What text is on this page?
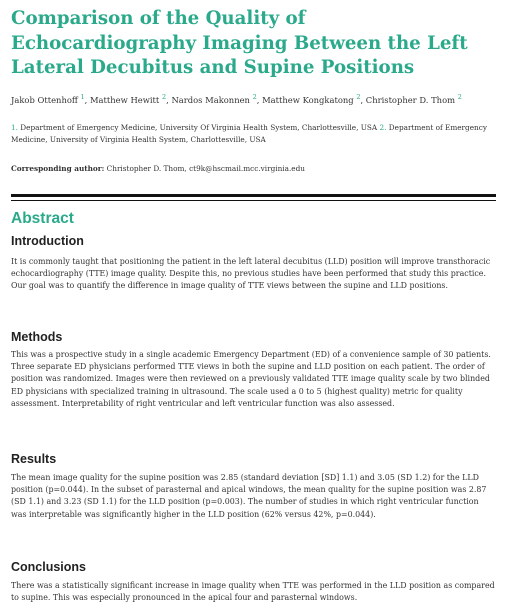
Comparison of the Quality of Echocardiography Imaging Between the Left Lateral Decubitus and Supine Positions
Jakob Ottenhoff $^1$, Matthew Hewitt $^2$, Nardos Makonnen $^2$, Matthew Kongkatong $^2$, Christopher D. Thom $^2$
1. Department of Emergency Medicine, University Of Virginia Health System, Charlottesville, USA 2. Department of Emergency Medicine, University of Virginia Health System, Charlottesville, USA
Corresponding author: Christopher D. Thom, ct9k@hscmail.mcc.virginia.edu
Abstract
Introduction

It is commonly taught that positioning the patient in the left lateral decubitus (LLD) position will improve transthoracic echocardiography (TTE) image quality. Despite this, no previous studies have been performed that study this practice. Our goal was to quantify the difference in image quality of TTE views between the supine and LLD positions.

Methods

This was a prospective study in a single academic Emergency Department (ED) of a convenience sample of 30 patients. Three separate ED physicians performed TTE views in both the supine and LLD position on each patient. The order of position was randomized. Images were then reviewed on a previously validated TTE image quality scale by two blinded ED physicians with specialized training in ultrasound. The scale used a 0 to 5 (highest quality) metric for quality assessment. Interpretability of right ventricular and left ventricular function was also assessed.

Results

The mean image quality for the supine position was 2.85 (standard deviation [SD] 1.1) and 3.05 (SD 1.2) for the LLD position (p=0.044). In the subset of parasternal and apical windows, the mean quality for the supine position was 2.87 (SD 1.1) and 3.23 (SD 1.1) for the LLD position (p=0.003). The number of studies in which right ventricular function was interpretable was significantly higher in the LLD position (62% versus 42%, p=0.044).

Conclusions

There was a statistically significant increase in image quality when TTE was performed in the LLD position as compared to supine. This was especially pronounced in the apical four and parasternal windows.
